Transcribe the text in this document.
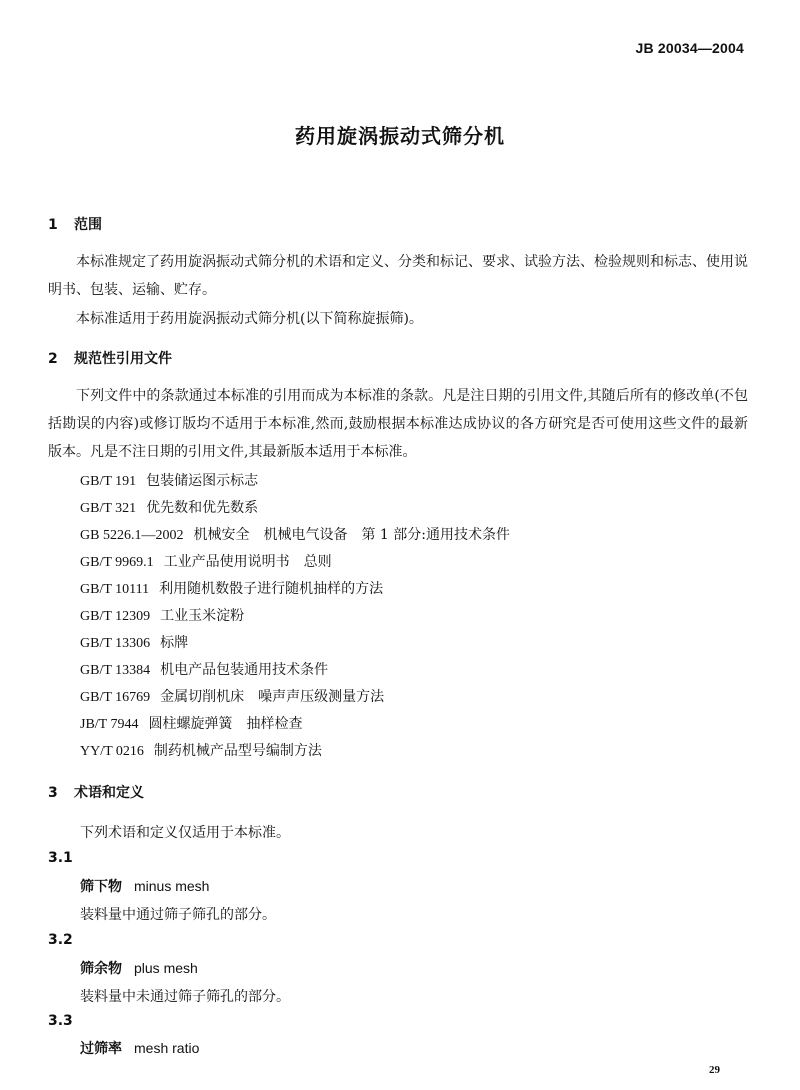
JB 20034—2004
药用旋涡振动式筛分机
1 范围
本标准规定了药用旋涡振动式筛分机的术语和定义、分类和标记、要求、试验方法、检验规则和标志、使用说明书、包装、运输、贮存。
本标准适用于药用旋涡振动式筛分机(以下简称旋振筛)。
2 规范性引用文件
下列文件中的条款通过本标准的引用而成为本标准的条款。凡是注日期的引用文件,其随后所有的修改单(不包括勘误的内容)或修订版均不适用于本标准,然而,鼓励根据本标准达成协议的各方研究是否可使用这些文件的最新版本。凡是不注日期的引用文件,其最新版本适用于本标准。
GB/T 191 包装储运图示标志
GB/T 321 优先数和优先数系
GB 5226.1—2002 机械安全　机械电气设备　第 1 部分:通用技术条件
GB/T 9969.1 工业产品使用说明书　总则
GB/T 10111 利用随机数骰子进行随机抽样的方法
GB/T 12309 工业玉米淀粉
GB/T 13306 标牌
GB/T 13384 机电产品包装通用技术条件
GB/T 16769 金属切削机床　噪声声压级测量方法
JB/T 7944 圆柱螺旋弹簧　抽样检查
YY/T 0216 制药机械产品型号编制方法
3 术语和定义
下列术语和定义仅适用于本标准。
3.1
筛下物 minus mesh
装料量中通过筛子筛孔的部分。
3.2
筛余物 plus mesh
装料量中未通过筛子筛孔的部分。
3.3
过筛率 mesh ratio
29
